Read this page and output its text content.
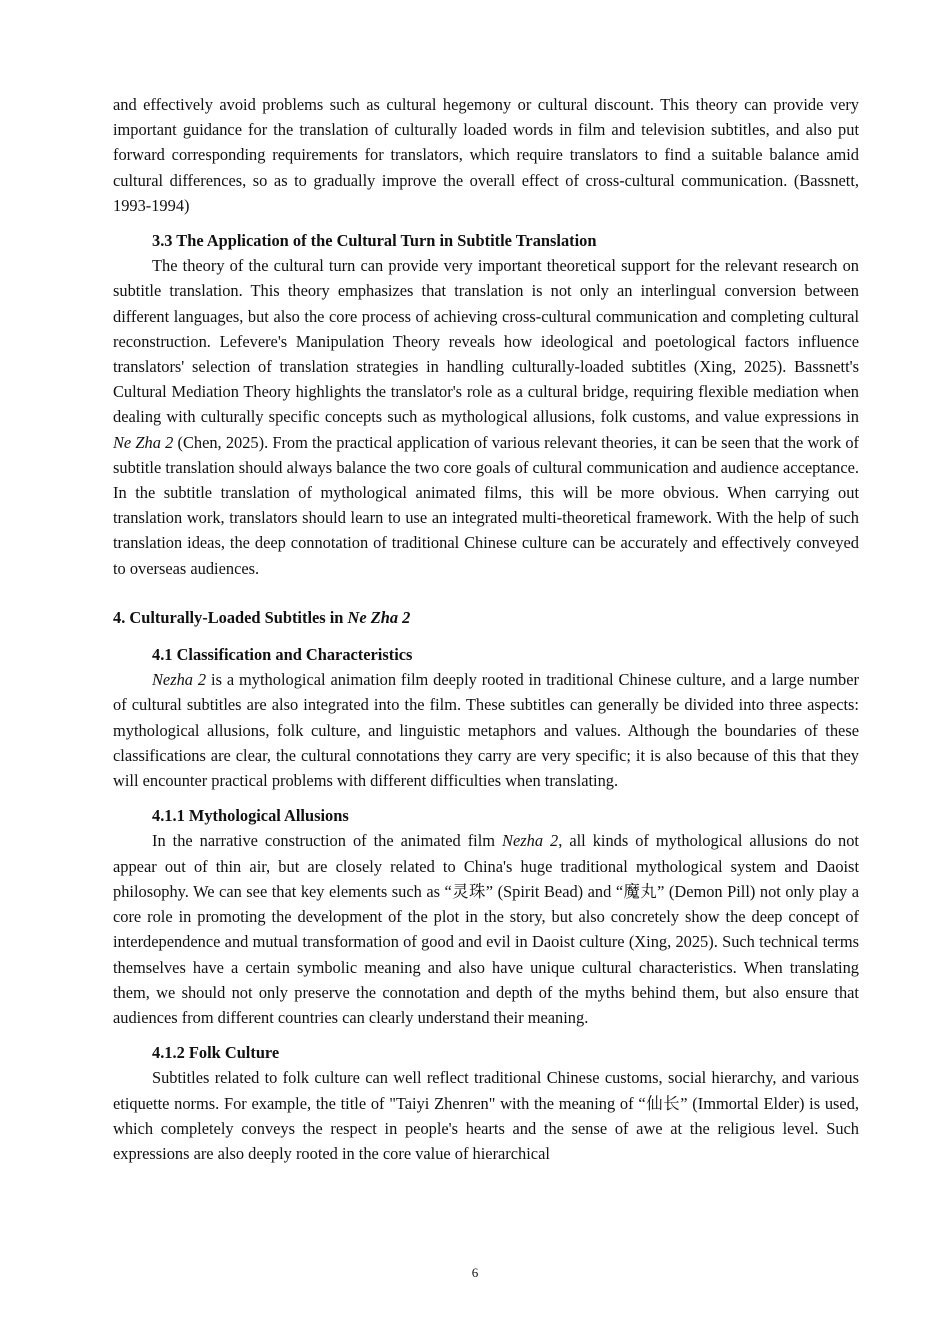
and effectively avoid problems such as cultural hegemony or cultural discount. This theory can provide very important guidance for the translation of culturally loaded words in film and television subtitles, and also put forward corresponding requirements for translators, which require translators to find a suitable balance amid cultural differences, so as to gradually improve the overall effect of cross-cultural communication. (Bassnett, 1993-1994)

3.3 The Application of the Cultural Turn in Subtitle Translation

The theory of the cultural turn can provide very important theoretical support for the relevant research on subtitle translation. This theory emphasizes that translation is not only an interlingual conversion between different languages, but also the core process of achieving cross-cultural communication and completing cultural reconstruction. Lefevere's Manipulation Theory reveals how ideological and poetological factors influence translators' selection of translation strategies in handling culturally-loaded subtitles (Xing, 2025). Bassnett's Cultural Mediation Theory highlights the translator's role as a cultural bridge, requiring flexible mediation when dealing with culturally specific concepts such as mythological allusions, folk customs, and value expressions in Ne Zha 2 (Chen, 2025). From the practical application of various relevant theories, it can be seen that the work of subtitle translation should always balance the two core goals of cultural communication and audience acceptance. In the subtitle translation of mythological animated films, this will be more obvious. When carrying out translation work, translators should learn to use an integrated multi-theoretical framework. With the help of such translation ideas, the deep connotation of traditional Chinese culture can be accurately and effectively conveyed to overseas audiences.

4. Culturally-Loaded Subtitles in Ne Zha 2
4.1 Classification and Characteristics

Nezha 2 is a mythological animation film deeply rooted in traditional Chinese culture, and a large number of cultural subtitles are also integrated into the film. These subtitles can generally be divided into three aspects: mythological allusions, folk culture, and linguistic metaphors and values. Although the boundaries of these classifications are clear, the cultural connotations they carry are very specific; it is also because of this that they will encounter practical problems with different difficulties when translating.

4.1.1 Mythological Allusions

In the narrative construction of the animated film Nezha 2, all kinds of mythological allusions do not appear out of thin air, but are closely related to China's huge traditional mythological system and Daoist philosophy. We can see that key elements such as “灵珠” (Spirit Bead) and “魔丸” (Demon Pill) not only play a core role in promoting the development of the plot in the story, but also concretely show the deep concept of interdependence and mutual transformation of good and evil in Daoist culture (Xing, 2025). Such technical terms themselves have a certain symbolic meaning and also have unique cultural characteristics. When translating them, we should not only preserve the connotation and depth of the myths behind them, but also ensure that audiences from different countries can clearly understand their meaning.

4.1.2 Folk Culture

Subtitles related to folk culture can well reflect traditional Chinese customs, social hierarchy, and various etiquette norms. For example, the title of "Taiyi Zhenren" with the meaning of “仙长” (Immortal Elder) is used, which completely conveys the respect in people's hearts and the sense of awe at the religious level. Such expressions are also deeply rooted in the core value of hierarchical

6
